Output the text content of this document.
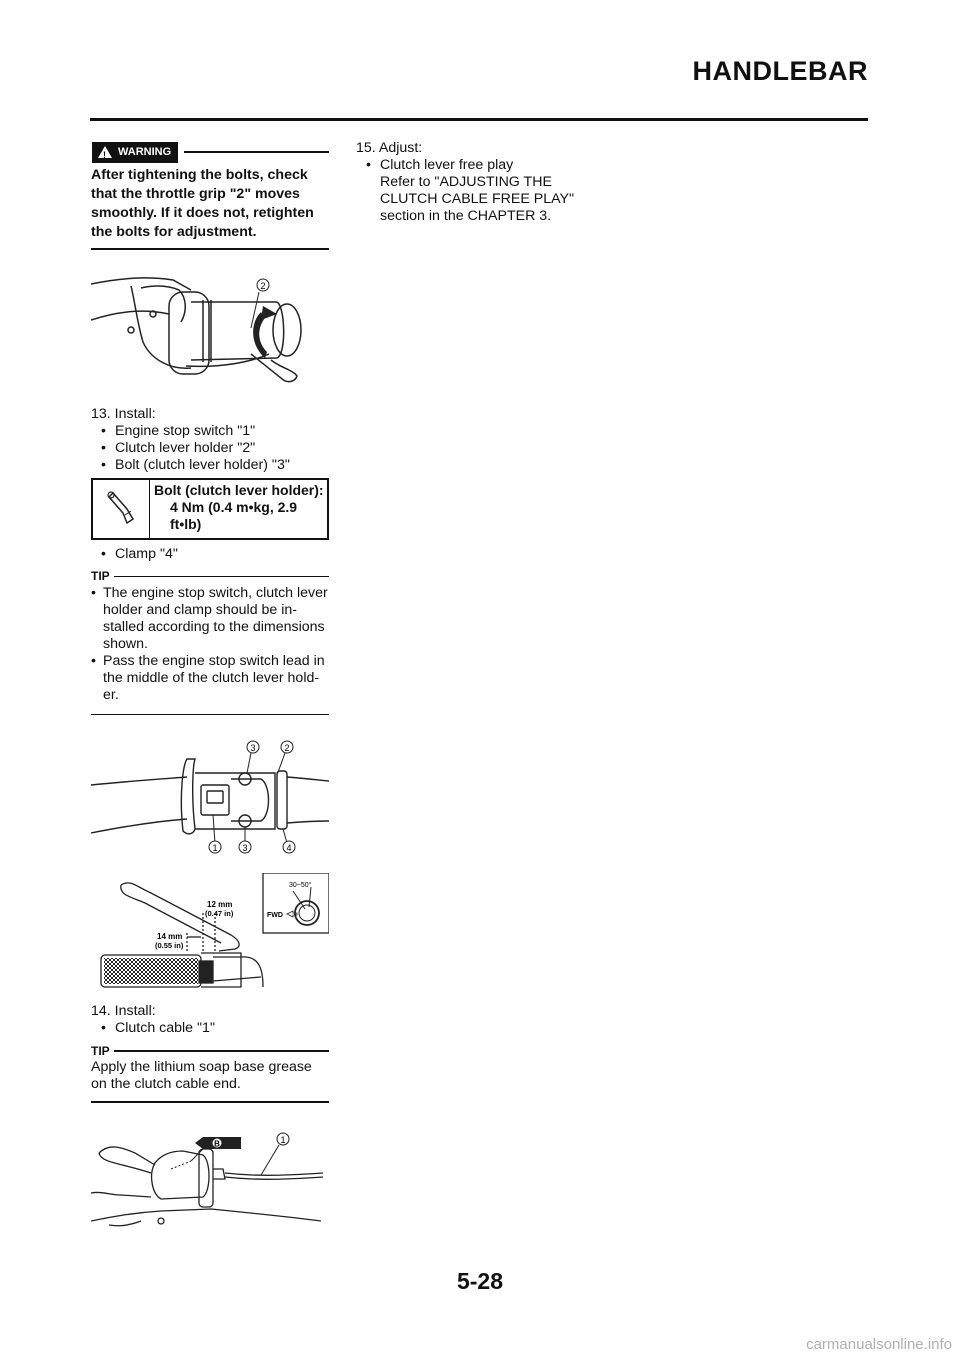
HANDLEBAR
! WARNING
After tightening the bolts, check that the throttle grip "2" moves smoothly. If it does not, retighten the bolts for adjustment.
2
13. Install:
• Engine stop switch "1"
• Clutch lever holder "2"
• Bolt (clutch lever holder) "3"
Bolt (clutch lever holder):
4 Nm (0.4 m•kg, 2.9
ft•lb)
• Clamp "4"
TIP
• The engine stop switch, clutch lever holder and clamp should be in- stalled according to the dimensions shown.
• Pass the engine stop switch lead in the middle of the clutch lever hold- er.
3	2
1	3	4
12 mm
(0.47 in)
14 mm
(0.55 in)
30~50°
FWD
14. Install:
• Clutch cable "1"
TIP
Apply the lithium soap base grease on the clutch cable end.
B	1
15. Adjust:
• Clutch lever free play
Refer to "ADJUSTING THE
CLUTCH CABLE FREE PLAY"
section in the CHAPTER 3.
5-28
carmanualsonline.info
